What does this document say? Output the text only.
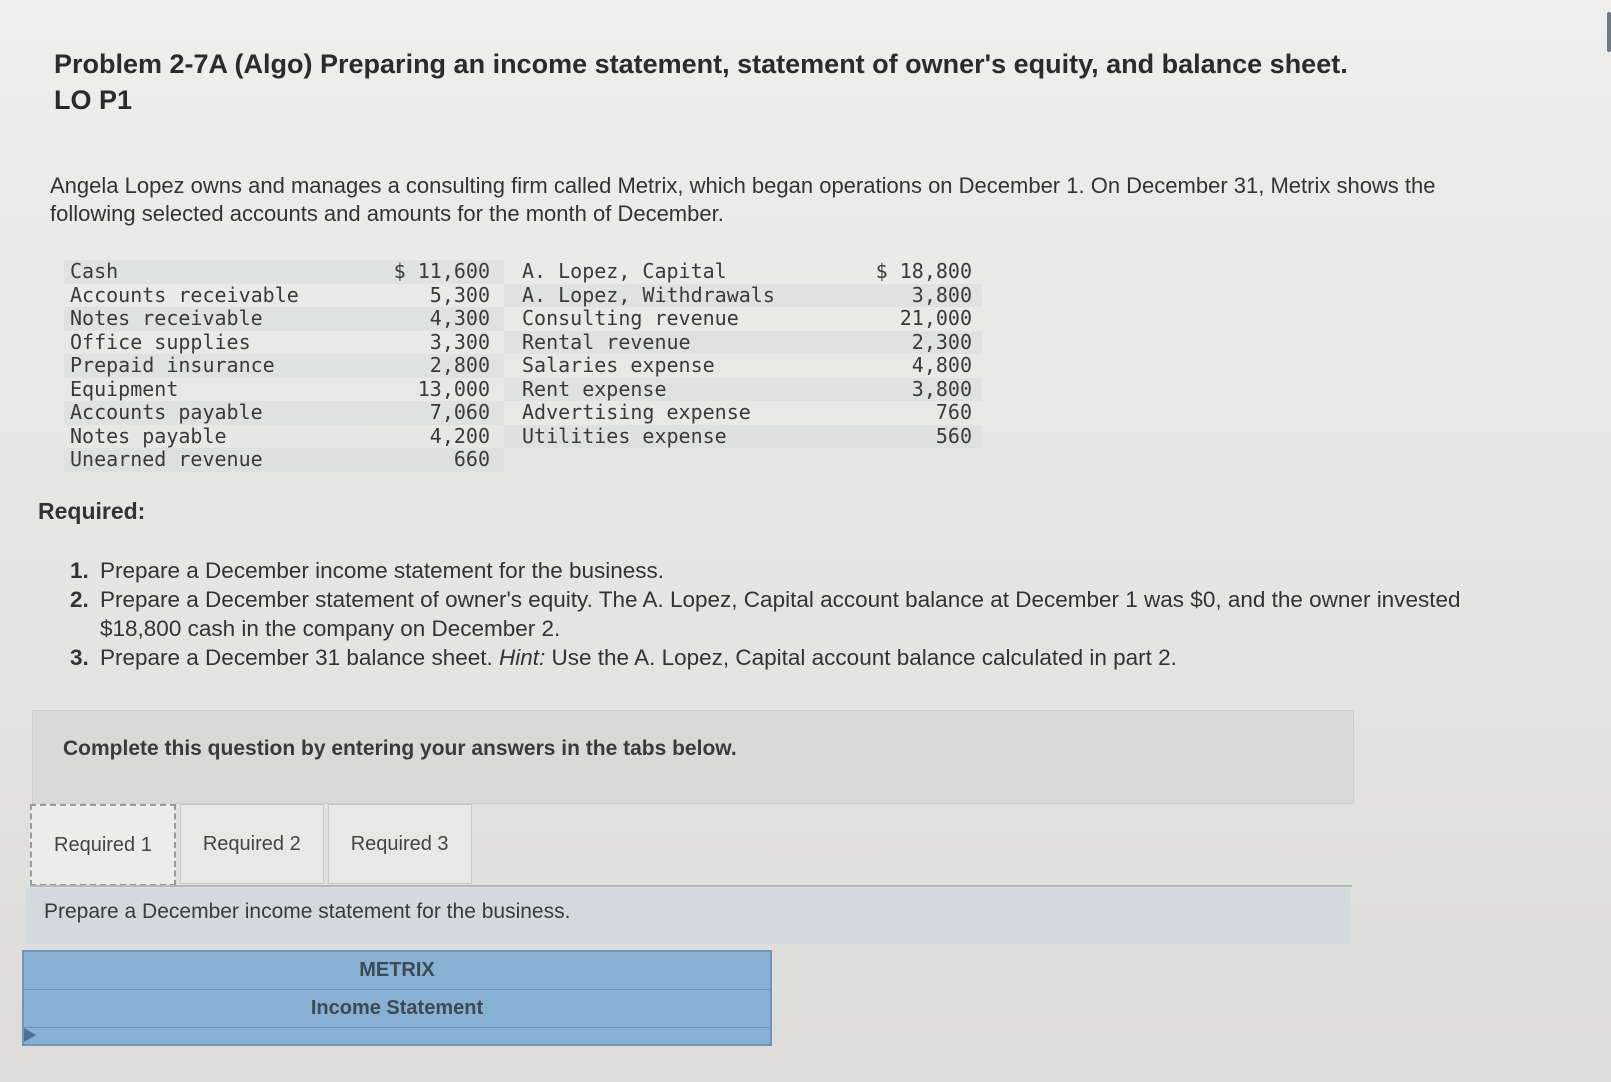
Problem 2-7A (Algo) Preparing an income statement, statement of owner's equity, and balance sheet.
LO P1
Angela Lopez owns and manages a consulting firm called Metrix, which began operations on December 1. On December 31, Metrix shows the following selected accounts and amounts for the month of December.
Cash	$ 11,600	A. Lopez, Capital	$ 18,800
Accounts receivable	5,300	A. Lopez, Withdrawals	3,800
Notes receivable	4,300	Consulting revenue	21,000
Office supplies	3,300	Rental revenue	2,300
Prepaid insurance	2,800	Salaries expense	4,800
Equipment	13,000	Rent expense	3,800
Accounts payable	7,060	Advertising expense	760
Notes payable	4,200	Utilities expense	560
Unearned revenue	660
Required:
1. Prepare a December income statement for the business.
2. Prepare a December statement of owner's equity. The A. Lopez, Capital account balance at December 1 was $0, and the owner invested $18,800 cash in the company on December 2.
3. Prepare a December 31 balance sheet. Hint: Use the A. Lopez, Capital account balance calculated in part 2.
Complete this question by entering your answers in the tabs below.
Required 1	Required 2	Required 3
Prepare a December income statement for the business.
METRIX
Income Statement
